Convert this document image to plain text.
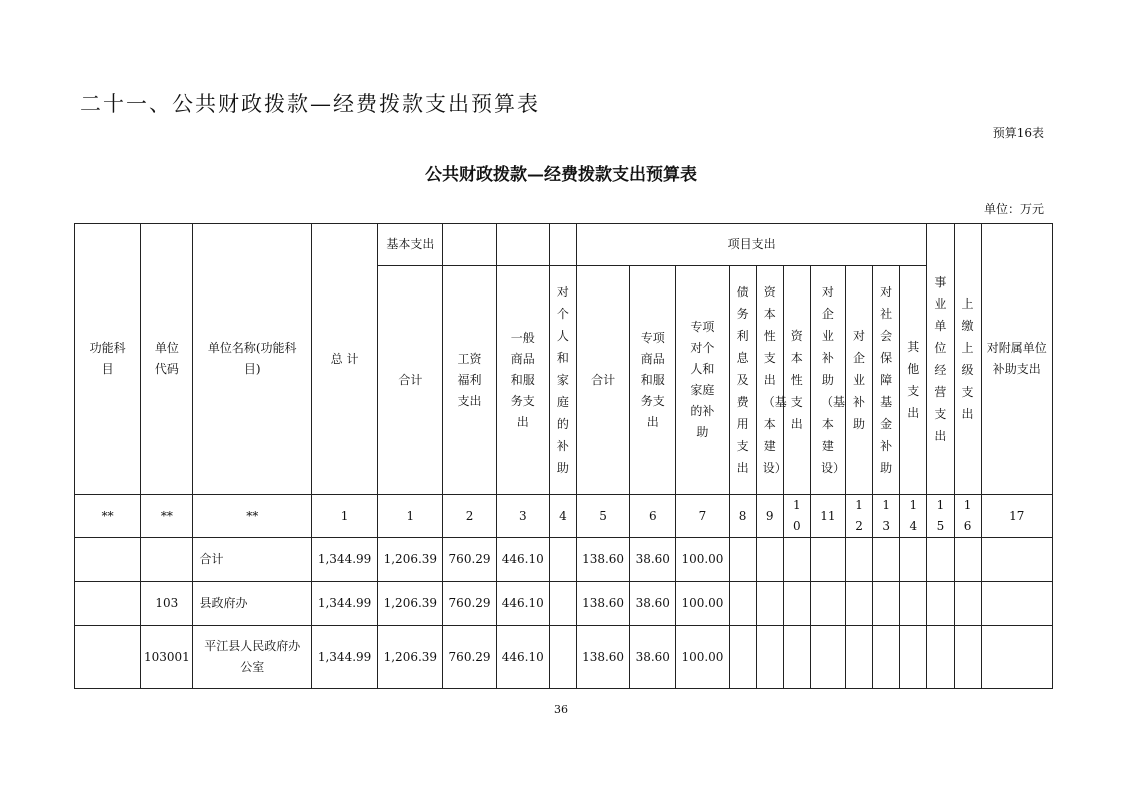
二十一、公共财政拨款—经费拨款支出预算表
预算16表
公共财政拨款—经费拨款支出预算表
单位：万元
功能科目	单位代码	单位名称(功能科目)	总 计	基本支出				项目支出										事业单位经营支出	上缴上级支出	对附属单位补助支出
				合计	工资福利支出	一般商品和服务支出	对个人和家庭的补助	合计	专项商品和服务支出	专项对个人和家庭的补助	债务利息及费用支出	资本性支出（基本建设）	资本性支出	对企业补助（基本建设）	对企业补助	对社会保障基金补助	其他支出			
**	**	**	1	1	2	3	4	5	6	7	8	9	10	11	12	13	14	15	16	17
		合计	1,344.99	1,206.39	760.29	446.10		138.60	38.60	100.00										
	103	县政府办	1,344.99	1,206.39	760.29	446.10		138.60	38.60	100.00										
	103001	平江县人民政府办公室	1,344.99	1,206.39	760.29	446.10		138.60	38.60	100.00										
36
